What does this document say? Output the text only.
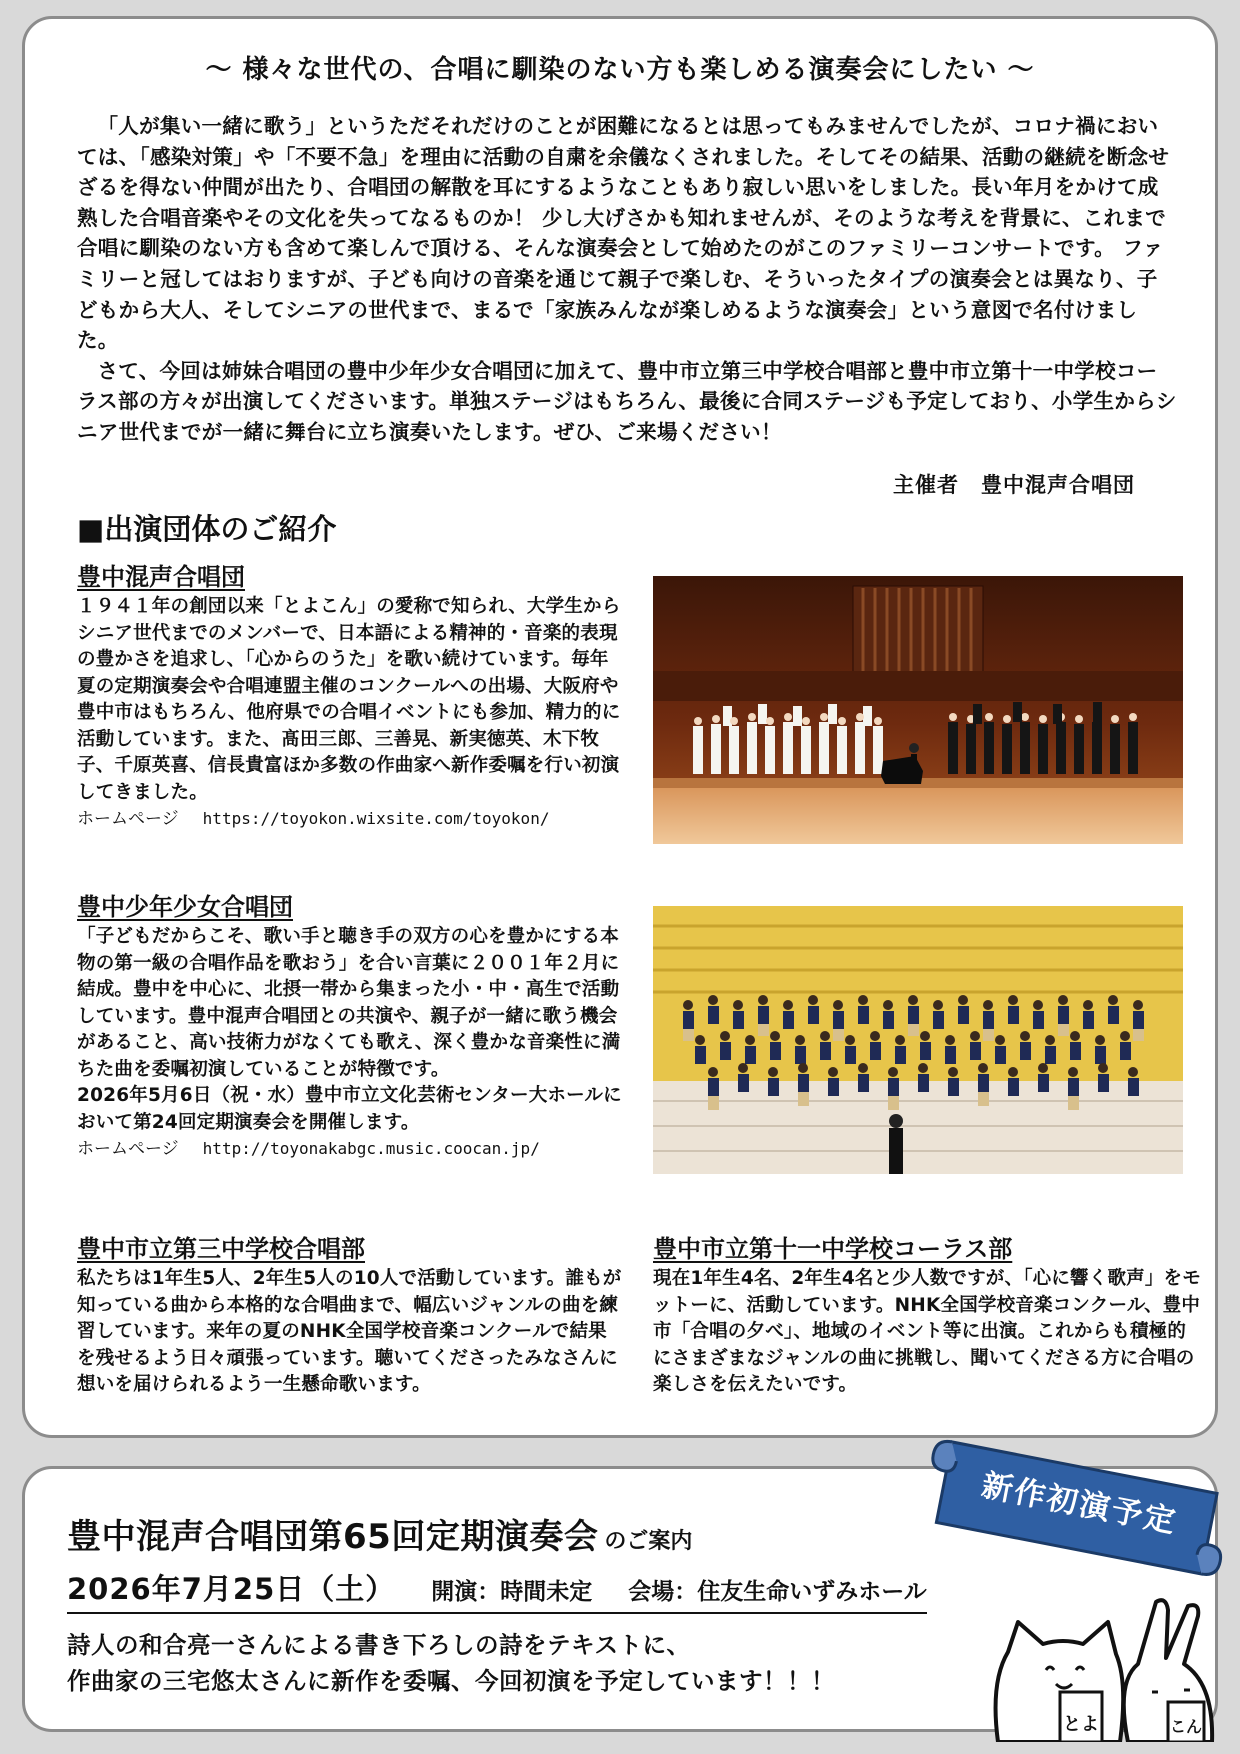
～ 様々な世代の、合唱に馴染のない方も楽しめる演奏会にしたい ～

「人が集い一緒に歌う」というただそれだけのことが困難になるとは思ってもみませんでしたが、コロナ禍においては、「感染対策」や「不要不急」を理由に活動の自粛を余儀なくされました。そしてその結果、活動の継続を断念せざるを得ない仲間が出たり、合唱団の解散を耳にするようなこともあり寂しい思いをしました。長い年月をかけて成熟した合唱音楽やその文化を失ってなるものか！ 少し大げさかも知れませんが、そのような考えを背景に、これまで合唱に馴染のない方も含めて楽しんで頂ける、そんな演奏会として始めたのがこのファミリーコンサートです。 ファミリーと冠してはおりますが、子ども向けの音楽を通じて親子で楽しむ、そういったタイプの演奏会とは異なり、子どもから大人、そしてシニアの世代まで、まるで「家族みんなが楽しめるような演奏会」という意図で名付けました。

さて、今回は姉妹合唱団の豊中少年少女合唱団に加えて、豊中市立第三中学校合唱部と豊中市立第十一中学校コーラス部の方々が出演してくださいます。単独ステージはもちろん、最後に合同ステージも予定しており、小学生からシニア世代までが一緒に舞台に立ち演奏いたします。ぜひ、ご来場ください！

主催者　豊中混声合唱団
■出演団体のご紹介

豊中混声合唱団

１９４１年の創団以来「とよこん」の愛称で知られ、大学生からシニア世代までのメンバーで、日本語による精神的・音楽的表現の豊かさを追求し、「心からのうた」を歌い続けています。毎年夏の定期演奏会や合唱連盟主催のコンクールへの出場、大阪府や豊中市はもちろん、他府県での合唱イベントにも参加、精力的に活動しています。また、髙田三郎、三善晃、新実徳英、木下牧子、千原英喜、信長貴富ほか多数の作曲家へ新作委嘱を行い初演してきました。

ホームページ https://toyokon.wixsite.com/toyokon/

豊中少年少女合唱団

「子どもだからこそ、歌い手と聴き手の双方の心を豊かにする本物の第一級の合唱作品を歌おう」を合い言葉に２００１年２月に結成。豊中を中心に、北摂一帯から集まった小・中・高生で活動しています。豊中混声合唱団との共演や、親子が一緒に歌う機会があること、高い技術力がなくても歌え、深く豊かな音楽性に満ちた曲を委嘱初演していることが特徴です。

2026年5月6日（祝・水）豊中市立文化芸術センター大ホールにおいて第24回定期演奏会を開催します。

ホームページ http://toyonakabgc.music.coocan.jp/

豊中市立第三中学校合唱部

私たちは1年生5人、2年生5人の10人で活動しています。誰もが知っている曲から本格的な合唱曲まで、幅広いジャンルの曲を練習しています。来年の夏のNHK全国学校音楽コンクールで結果を残せるよう日々頑張っています。聴いてくださったみなさんに想いを届けられるよう一生懸命歌います。

豊中市立第十一中学校コーラス部

現在1年生4名、2年生4名と少人数ですが、「心に響く歌声」をモットーに、活動しています。NHK全国学校音楽コンクール、豊中市「合唱の夕べ」、地域のイベント等に出演。これからも積極的にさまざまなジャンルの曲に挑戦し、聞いてくださる方に合唱の楽しさを伝えたいです。

豊中混声合唱団第65回定期演奏会 のご案内
2026年7月25日（土） 開演：時間未定 会場：住友生命いずみホール

詩人の和合亮一さんによる書き下ろしの詩をテキストに、

作曲家の三宅悠太さんに新作を委嘱、今回初演を予定しています！！！

新作初演予定
とよ	こん
